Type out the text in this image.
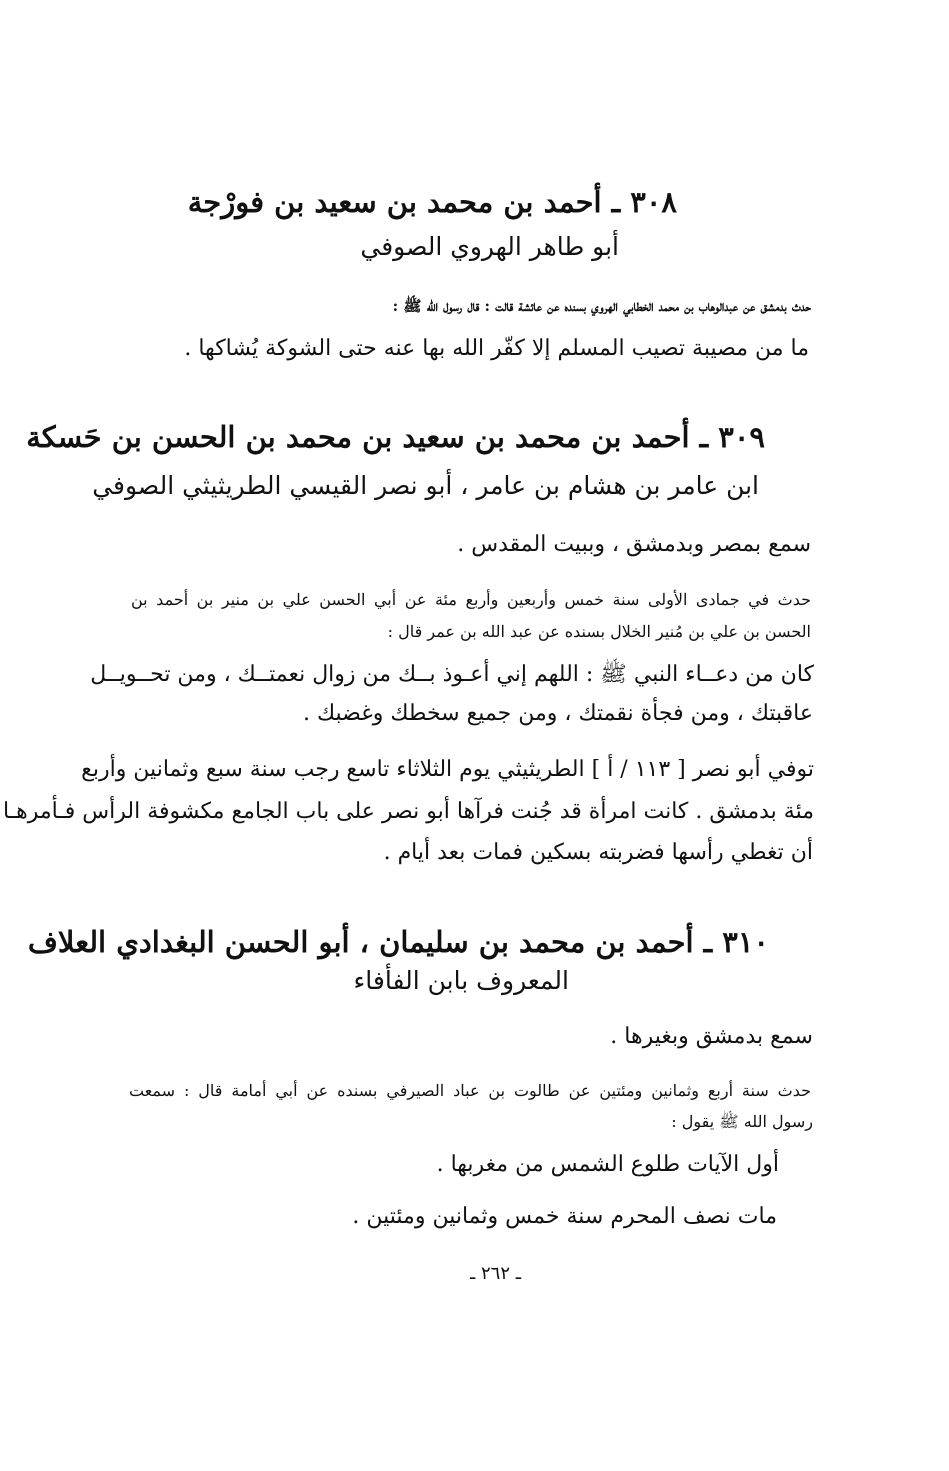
٣٠٨ ـ أحمد بن محمد بن سعيد بن فورْجة
أبو طاهر الهروي الصوفي
حدث بدمشق عن عبدالوهاب بن محمد الخطابي الهروي بسنده عن عائشة قالت : قال رسول الله ﷺ :
ما من مصيبة تصيب المسلم إلا كفّر الله بها عنه حتى الشوكة يُشاكها .
٣٠٩ ـ أحمد بن محمد بن سعيد بن محمد بن الحسن بن حَسكة
ابن عامر بن هشام بن عامر ، أبو نصر القيسي الطريثيثي الصوفي
سمع بمصر وبدمشق ، وببيت المقدس .
حدث في جمادى الأولى سنة خمس وأربعين وأربع مئة عن أبي الحسن علي بن منير بن أحمد بن
الحسن بن علي بن مُنير الخلال بسنده عن عبد الله بن عمر قال :
كان من دعــاء النبي ﷺ : اللهم إني أعـوذ بــك من زوال نعمتــك ، ومن تحــويــل
عاقبتك ، ومن فجأة نقمتك ، ومن جميع سخطك وغضبك .
توفي أبو نصر [ ١١٣ / أ ] الطريثيثي يوم الثلاثاء تاسع رجب سنة سبع وثمانين وأربع
مئة بدمشق . كانت امرأة قد جُنت فرآها أبو نصر على باب الجامع مكشوفة الرأس فـأمرهـا
أن تغطي رأسها فضربته بسكين فمات بعد أيام .
٣١٠ ـ أحمد بن محمد بن سليمان ، أبو الحسن البغدادي العلاف
المعروف بابن الفأفاء
سمع بدمشق وبغيرها .
حدث سنة أربع وثمانين ومئتين عن طالوت بن عباد الصيرفي بسنده عن أبي أمامة قال : سمعت
رسول الله ﷺ يقول :
أول الآيات طلوع الشمس من مغربها .
مات نصف المحرم سنة خمس وثمانين ومئتين .
ـ ٢٦٢ ـ
